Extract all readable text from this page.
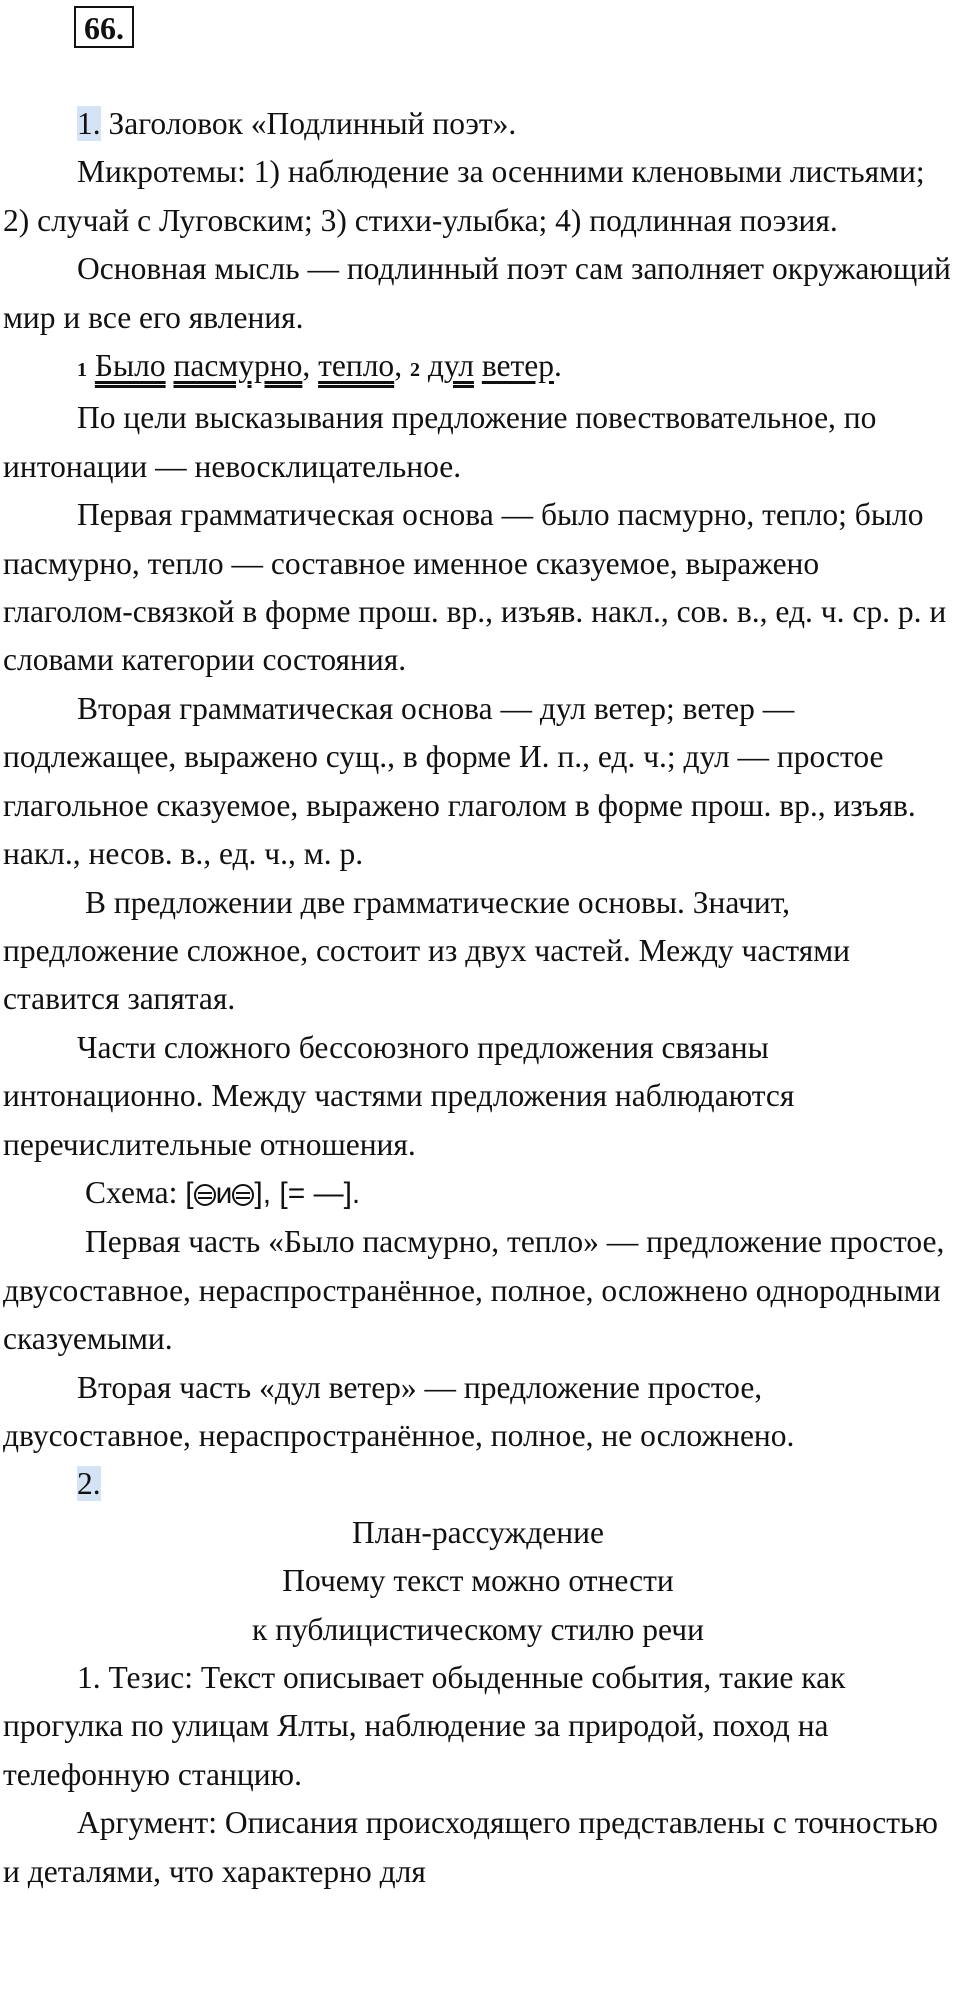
66.

1. Заголовок «Подлинный поэт».

Микротемы: 1) наблюдение за осенними кленовыми листьями; 2) случай с Луговским; 3) стихи-улыбка; 4) подлинная поэзия.

Основная мысль — подлинный поэт сам заполняет окружающий мир и все его явления.

1 Было пасмурно, тепло, 2 дул ветер.

По цели высказывания предложение повествовательное, по интонации — невосклицательное.

Первая грамматическая основа — было пасмурно, тепло; было пасмурно, тепло — составное именное сказуемое, выражено глаголом-связкой в форме прош. вр., изъяв. накл., сов. в., ед. ч. ср. р. и словами категории состояния.

Вторая грамматическая основа — дул ветер; ветер — подлежащее, выражено сущ., в форме И. п., ед. ч.; дул — простое глагольное сказуемое, выражено глаголом в форме прош. вр., изъяв. накл., несов. в., ед. ч., м. р.

В предложении две грамматические основы. Значит, предложение сложное, состоит из двух частей. Между частями ставится запятая.

Части сложного бессоюзного предложения связаны интонационно. Между частями предложения наблюдаются перечислительные отношения.

Схема: [ и ], [= —].

Первая часть «Было пасмурно, тепло» — предложение простое, двусоставное, нераспространённое, полное, осложнено однородными сказуемыми.

Вторая часть «дул ветер» — предложение простое, двусоставное, нераспространённое, полное, не осложнено.

2.

План-рассуждение

Почему текст можно отнести

к публицистическому стилю речи

1. Тезис: Текст описывает обыденные события, такие как прогулка по улицам Ялты, наблюдение за природой, поход на телефонную станцию.

Аргумент: Описания происходящего представлены с точностью и деталями, что характерно для
